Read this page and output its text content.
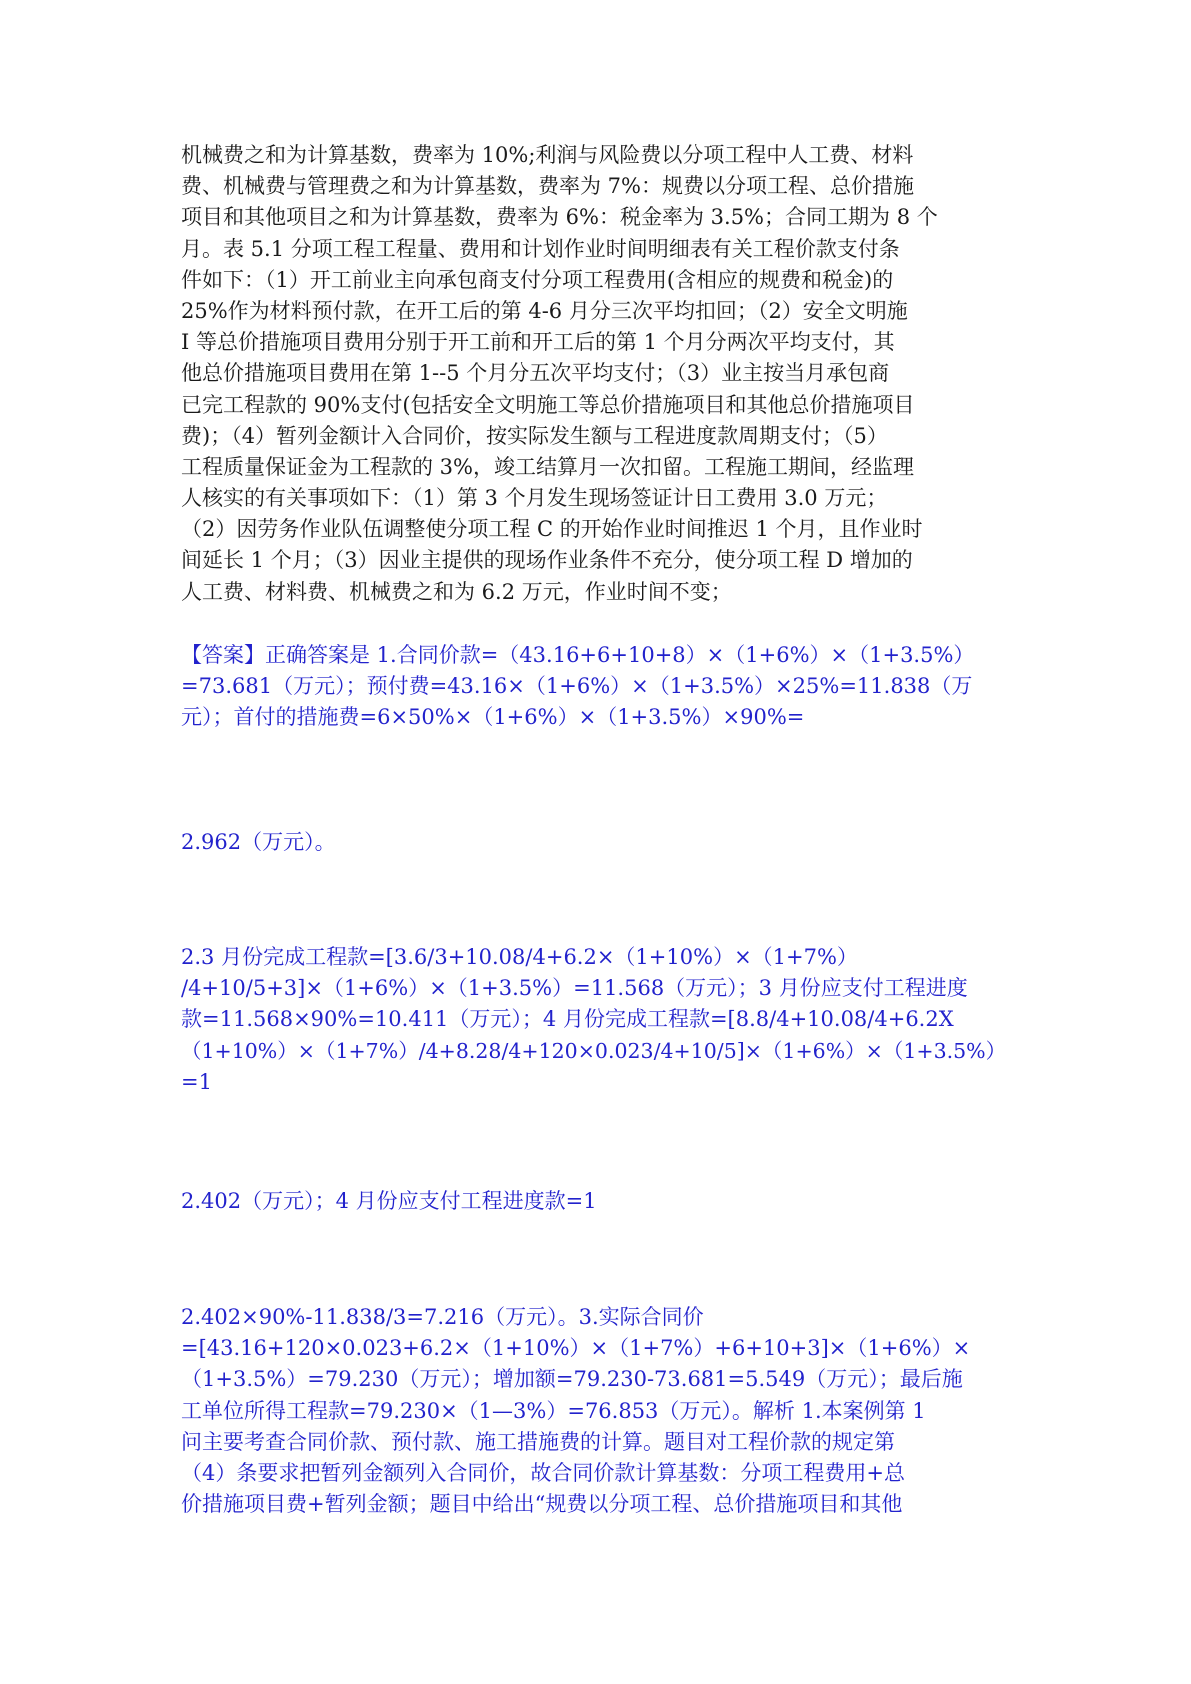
机械费之和为计算基数，费率为 10%;利润与风险费以分项工程中人工费、材料
费、机械费与管理费之和为计算基数，费率为 7%：规费以分项工程、总价措施
项目和其他项目之和为计算基数，费率为 6%：税金率为 3.5%；合同工期为 8 个
月。表 5.1 分项工程工程量、费用和计划作业时间明细表有关工程价款支付条
件如下：（1）开工前业主向承包商支付分项工程费用(含相应的规费和税金)的
25%作为材料预付款，在开工后的第 4-6 月分三次平均扣回；（2）安全文明施
I 等总价措施项目费用分别于开工前和开工后的第 1 个月分两次平均支付，其
他总价措施项目费用在第 1--5 个月分五次平均支付；（3）业主按当月承包商
已完工程款的 90%支付(包括安全文明施工等总价措施项目和其他总价措施项目
费)；（4）暂列金额计入合同价，按实际发生额与工程进度款周期支付；（5）
工程质量保证金为工程款的 3%，竣工结算月一次扣留。工程施工期间，经监理
人核实的有关事项如下：（1）第 3 个月发生现场签证计日工费用 3.0 万元；
（2）因劳务作业队伍调整使分项工程 C 的开始作业时间推迟 1 个月，且作业时
间延长 1 个月；（3）因业主提供的现场作业条件不充分，使分项工程 D 增加的
人工费、材料费、机械费之和为 6.2 万元，作业时间不变；
【答案】正确答案是 1.合同价款=（43.16+6+10+8）×（1+6%）×（1+3.5%）
=73.681（万元）；预付费=43.16×（1+6%）×（1+3.5%）×25%=11.838（万
元）；首付的措施费=6×50%×（1+6%）×（1+3.5%）×90%=
2.962（万元）。
2.3 月份完成工程款=[3.6/3+10.08/4+6.2×（1+10%）×（1+7%）
/4+10/5+3]×（1+6%）×（1+3.5%）=11.568（万元）；3 月份应支付工程进度
款=11.568×90%=10.411（万元）；4 月份完成工程款=[8.8/4+10.08/4+6.2X
（1+10%）×（1+7%）/4+8.28/4+120×0.023/4+10/5]×（1+6%）×（1+3.5%）
=1
2.402（万元）；4 月份应支付工程进度款=1
2.402×90%-11.838/3=7.216（万元）。3.实际合同价
=[43.16+120×0.023+6.2×（1+10%）×（1+7%）+6+10+3]×（1+6%）×
（1+3.5%）=79.230（万元）；增加额=79.230-73.681=5.549（万元）；最后施
工单位所得工程款=79.230×（1—3%）=76.853（万元）。解析 1.本案例第 1
问主要考查合同价款、预付款、施工措施费的计算。题目对工程价款的规定第
（4）条要求把暂列金额列入合同价，故合同价款计算基数：分项工程费用+总
价措施项目费+暂列金额；题目中给出“规费以分项工程、总价措施项目和其他
